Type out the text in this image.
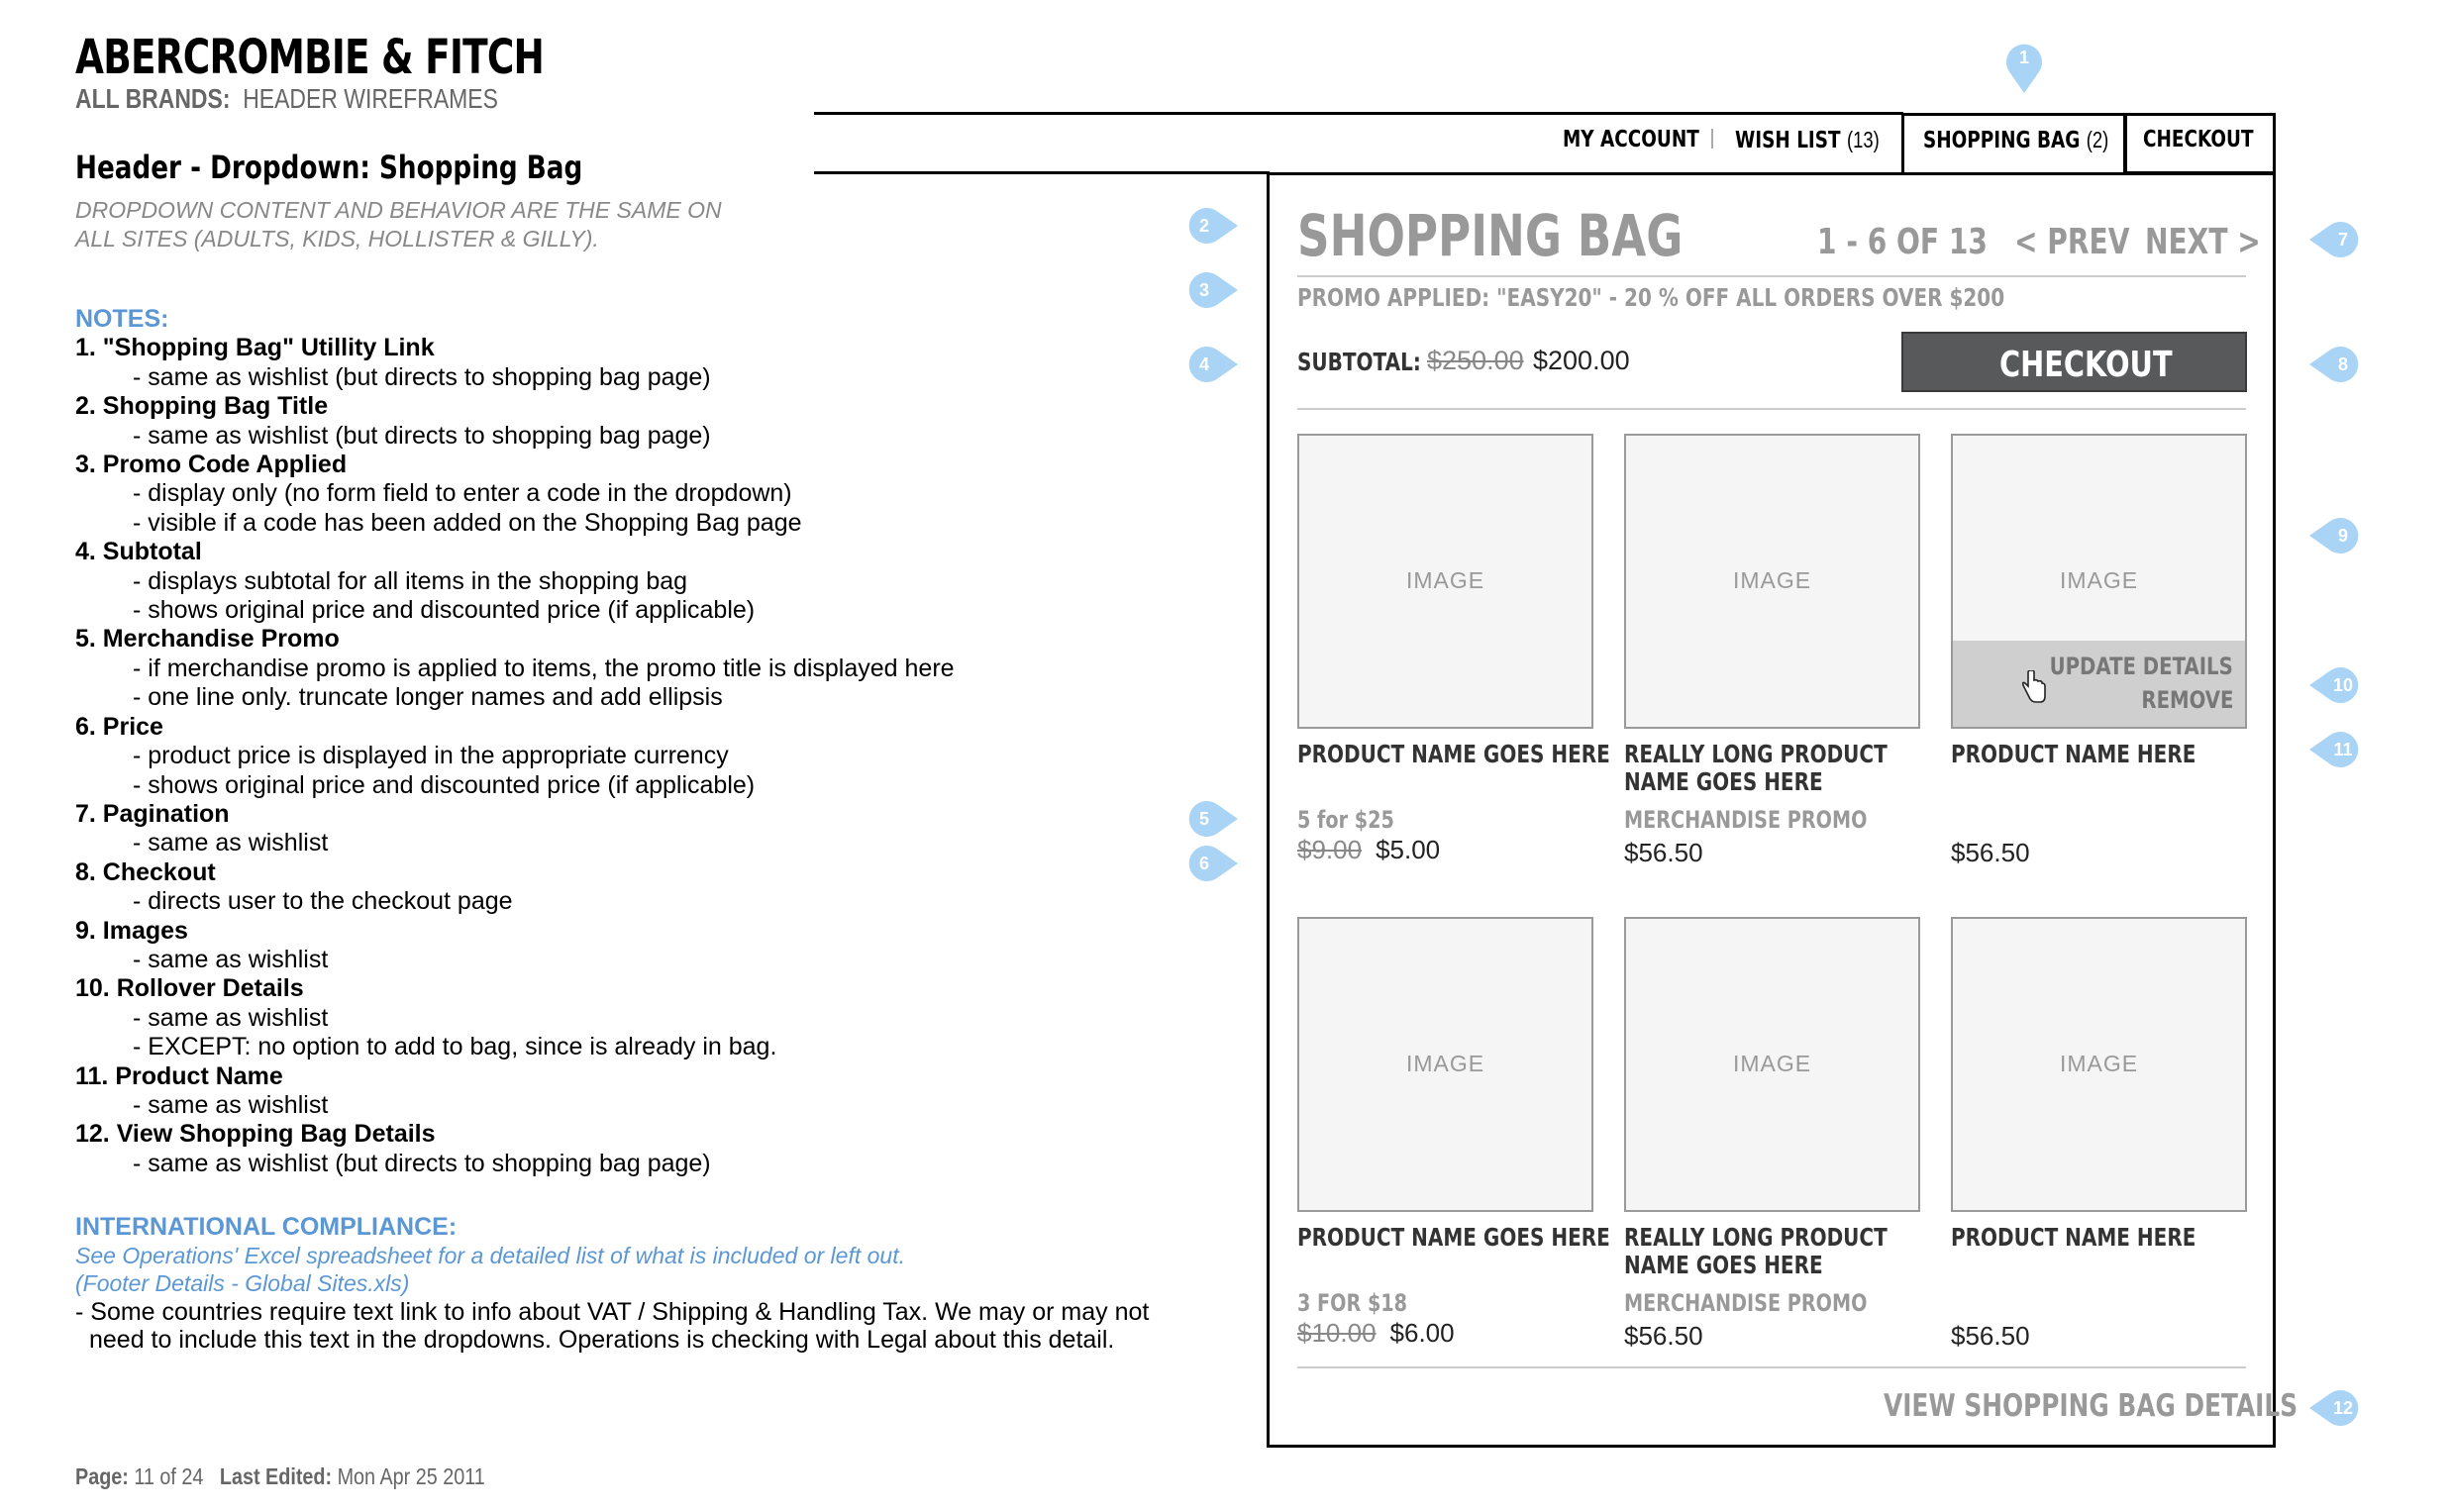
ABERCROMBIE & FITCH
ALL BRANDS: HEADER WIREFRAMES
Header - Dropdown: Shopping Bag
DROPDOWN CONTENT AND BEHAVIOR ARE THE SAME ON ALL SITES (ADULTS, KIDS, HOLLISTER & GILLY).
NOTES:
1. "Shopping Bag" Utillity Link
- same as wishlist (but directs to shopping bag page)
2. Shopping Bag Title
- same as wishlist (but directs to shopping bag page)
3. Promo Code Applied
- display only (no form field to enter a code in the dropdown)
- visible if a code has been added on the Shopping Bag page
4. Subtotal
- displays subtotal for all items in the shopping bag
- shows original price and discounted price (if applicable)
5. Merchandise Promo
- if merchandise promo is applied to items, the promo title is displayed here
- one line only. truncate longer names and add ellipsis
6. Price
- product price is displayed in the appropriate currency
- shows original price and discounted price (if applicable)
7. Pagination
- same as wishlist
8. Checkout
- directs user to the checkout page
9. Images
- same as wishlist
10. Rollover Details
- same as wishlist
- EXCEPT: no option to add to bag, since is already in bag.
11. Product Name
- same as wishlist
12. View Shopping Bag Details
- same as wishlist (but directs to shopping bag page)
INTERNATIONAL COMPLIANCE:
See Operations' Excel spreadsheet for a detailed list of what is included or left out.
(Footer Details - Global Sites.xls)
- Some countries require text link to info about VAT / Shipping & Handling Tax. We may or may not need to include this text in the dropdowns. Operations is checking with Legal about this detail.
Page: 11 of 24 Last Edited: Mon Apr 25 2011
MY ACCOUNT WISH LIST (13) SHOPPING BAG (2) CHECKOUT
SHOPPING BAG	1 - 6 OF 13 < PREV NEXT >
PROMO APPLIED: "EASY20" - 20 % OFF ALL ORDERS OVER $200
SUBTOTAL: $250.00 $200.00	CHECKOUT
IMAGE
PRODUCT NAME GOES HERE
5 for $25
$9.00 $5.00
IMAGE
REALLY LONG PRODUCT
NAME GOES HERE
MERCHANDISE PROMO
$56.50
IMAGE
UPDATE DETAILS
REMOVE
PRODUCT NAME HERE
$56.50
IMAGE
PRODUCT NAME GOES HERE
3 FOR $18
$10.00 $6.00
IMAGE
REALLY LONG PRODUCT
NAME GOES HERE
MERCHANDISE PROMO
$56.50
IMAGE
PRODUCT NAME HERE
$56.50
VIEW SHOPPING BAG DETAILS
1
2
3
4
5
6
7
8
9
10
11
12
